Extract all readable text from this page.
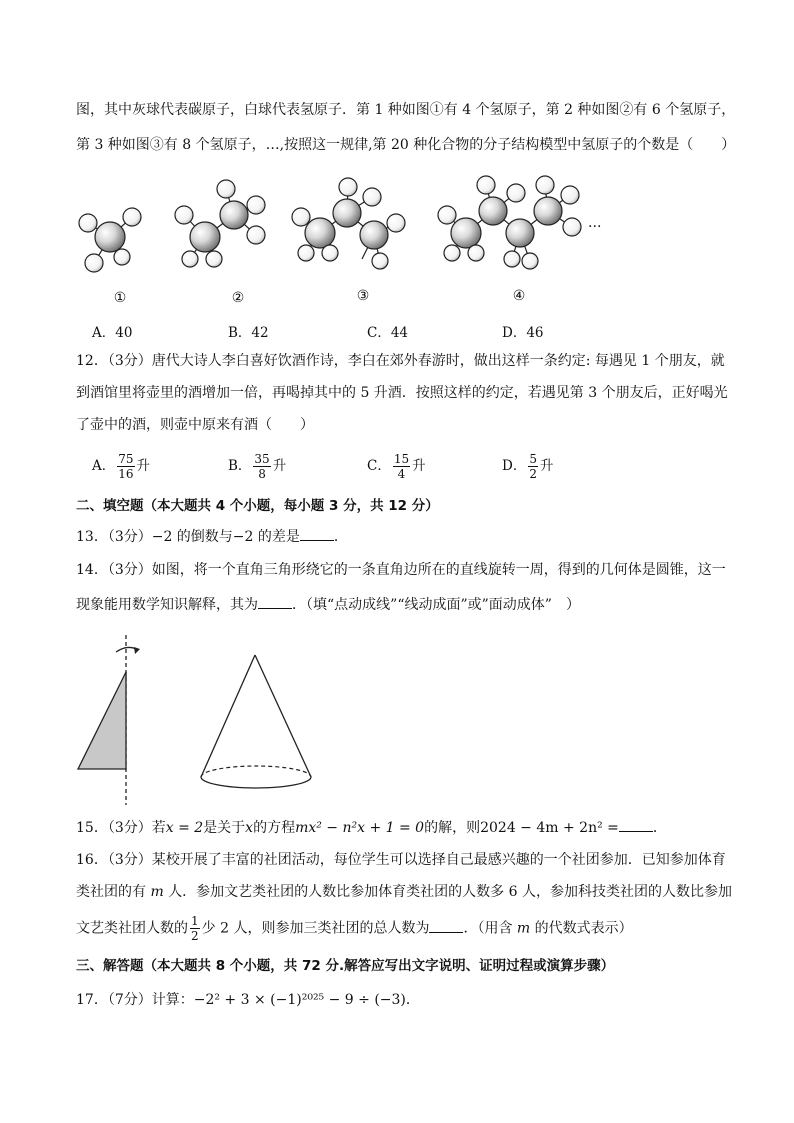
图，其中灰球代表碳原子，白球代表氢原子．第 1 种如图①有 4 个氢原子，第 2 种如图②有 6 个氢原子，
第 3 种如图③有 8 个氢原子，…,按照这一规律,第 20 种化合物的分子结构模型中氢原子的个数是（　　）
…
①	②	③	④
A．40	B．42	C．44	D．46
12．（3分）唐代大诗人李白喜好饮酒作诗，李白在郊外春游时，做出这样一条约定: 每遇见 1 个朋友，就
到酒馆里将壶里的酒增加一倍，再喝掉其中的 5 升酒．按照这样的约定，若遇见第 3 个朋友后，正好喝光
了壶中的酒，则壶中原来有酒（　　）
A． $\frac{75}{16}$ 升	B． $\frac{35}{8}$ 升	C． $\frac{15}{4}$ 升	D． $\frac{5}{2}$ 升
二、填空题（本大题共 4 个小题，每小题 3 分，共 12 分）
13．（3分）−2 的倒数与−2 的差是 ．
14．（3分）如图，将一个直角三角形绕它的一条直角边所在的直线旋转一周，得到的几何体是圆锥，这一
现象能用数学知识解释，其为 ．（填“点动成线”“线动成面”或”面动成体”　）
15．（3分）若x = 2是关于x的方程mx² − n²x + 1 = 0的解，则2024 − 4m + 2n² = ．
16．（3分）某校开展了丰富的社团活动，每位学生可以选择自己最感兴趣的一个社团参加．已知参加体育
类社团的有 m 人．参加文艺类社团的人数比参加体育类社团的人数多 6 人，参加科技类社团的人数比参加
文艺类社团人数的 $\frac{1}{2}$ 少 2 人，则参加三类社团的总人数为 ．（用含 m 的代数式表示）
三、解答题（本大题共 8 个小题，共 72 分.解答应写出文字说明、证明过程或演算步骤）
17．（7分）计算：−2² + 3 × (−1)²⁰²⁵ − 9 ÷ (−3)．
